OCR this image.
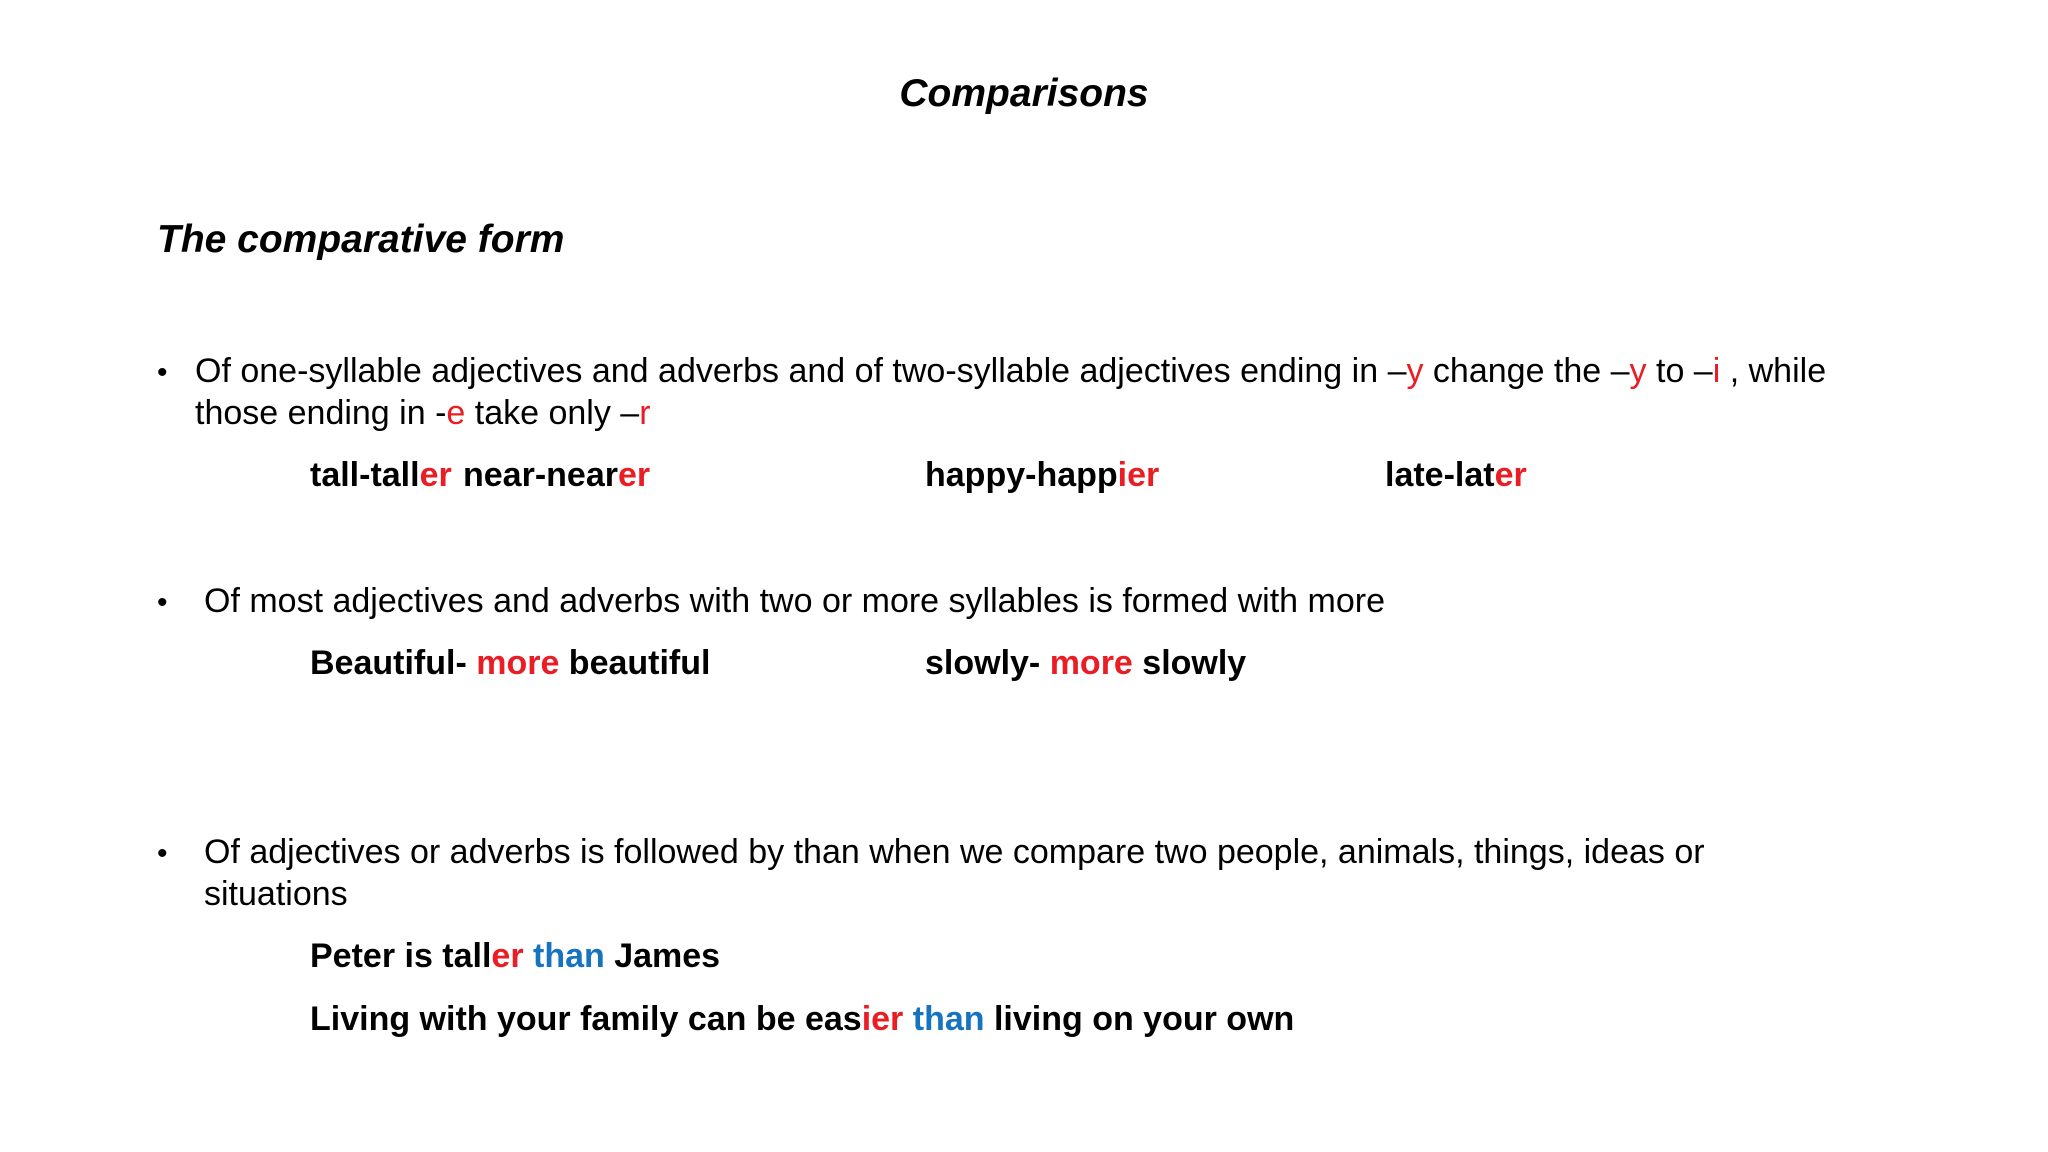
Comparisons
The comparative form
• Of one-syllable adjectives and adverbs and of two-syllable adjectives ending in –y change the –y to –i , while those ending in -e take only –r
tall-taller near-nearer	happy-happier	late-later
• Of most adjectives and adverbs with two or more syllables is formed with more
Beautiful- more beautiful	slowly- more slowly
• Of adjectives or adverbs is followed by than when we compare two people, animals, things, ideas or situations
Peter is taller than James
Living with your family can be easier than living on your own
